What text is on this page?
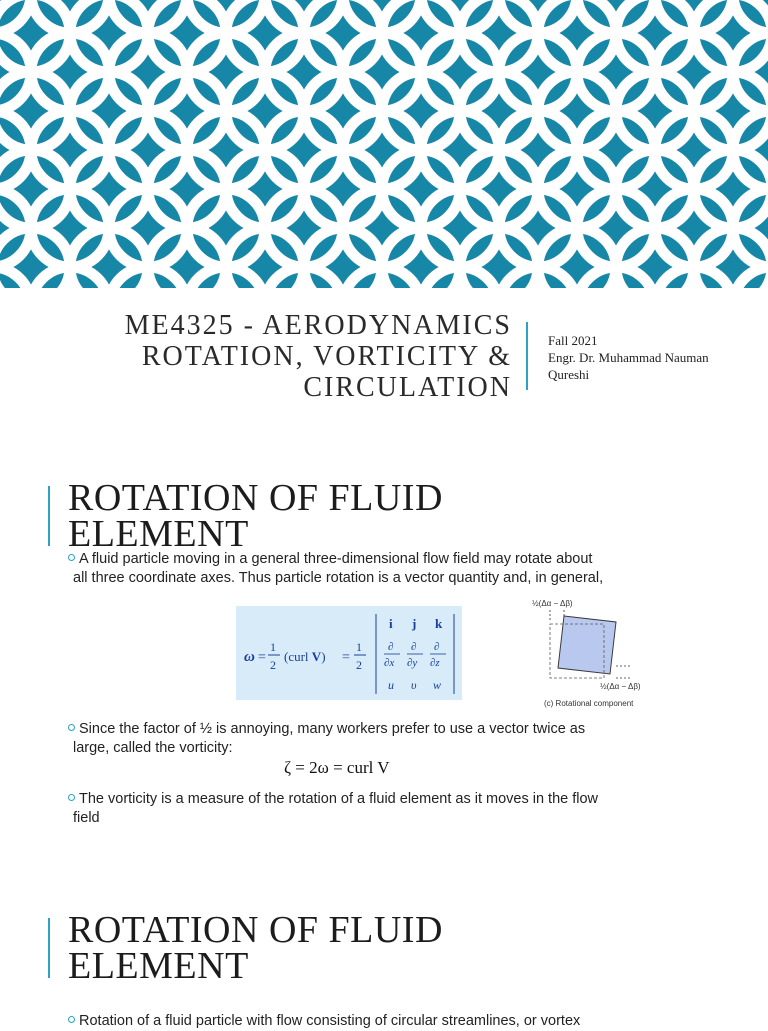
ME4325 - AERODYNAMICS
ROTATION, VORTICITY &
CIRCULATION
Fall 2021
Engr. Dr. Muhammad Nauman
Qureshi
ROTATION OF FLUID
ELEMENT
A fluid particle moving in a general three-dimensional flow field may rotate about
all three coordinate axes. Thus particle rotation is a vector quantity and, in general,
ω =
1
2
(curl V) =
1
2
i j k
∂
∂x
∂
∂y
∂
∂z
u υ w
½(Δα − Δβ)
½(Δα − Δβ)
(c) Rotational component
Since the factor of ½ is annoying, many workers prefer to use a vector twice as
large, called the vorticity:
ζ = 2ω = curl V
The vorticity is a measure of the rotation of a fluid element as it moves in the flow
field
ROTATION OF FLUID
ELEMENT
Rotation of a fluid particle with flow consisting of circular streamlines, or vortex
